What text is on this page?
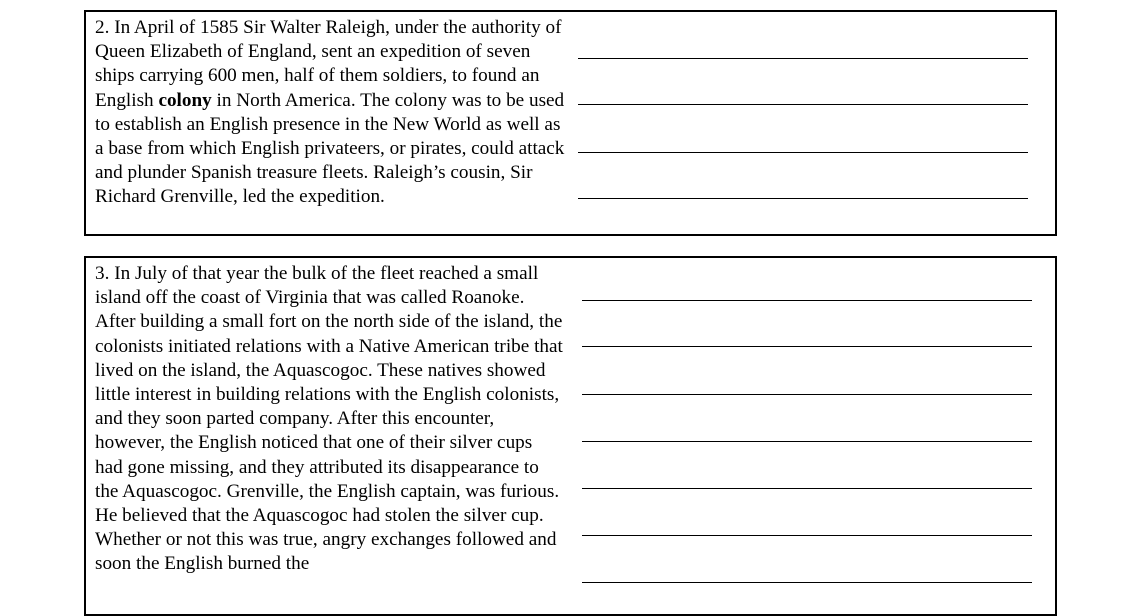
2. In April of 1585 Sir Walter Raleigh, under the authority of Queen Elizabeth of England, sent an expedition of seven ships carrying 600 men, half of them soldiers, to found an English colony in North America. The colony was to be used to establish an English presence in the New World as well as a base from which English privateers, or pirates, could attack and plunder Spanish treasure fleets. Raleigh’s cousin, Sir Richard Grenville, led the expedition.
3. In July of that year the bulk of the fleet reached a small island off the coast of Virginia that was called Roanoke. After building a small fort on the north side of the island, the colonists initiated relations with a Native American tribe that lived on the island, the Aquascogoc. These natives showed little interest in building relations with the English colonists, and they soon parted company. After this encounter, however, the English noticed that one of their silver cups had gone missing, and they attributed its disappearance to the Aquascogoc. Grenville, the English captain, was furious. He believed that the Aquascogoc had stolen the silver cup. Whether or not this was true, angry exchanges followed and soon the English burned the
